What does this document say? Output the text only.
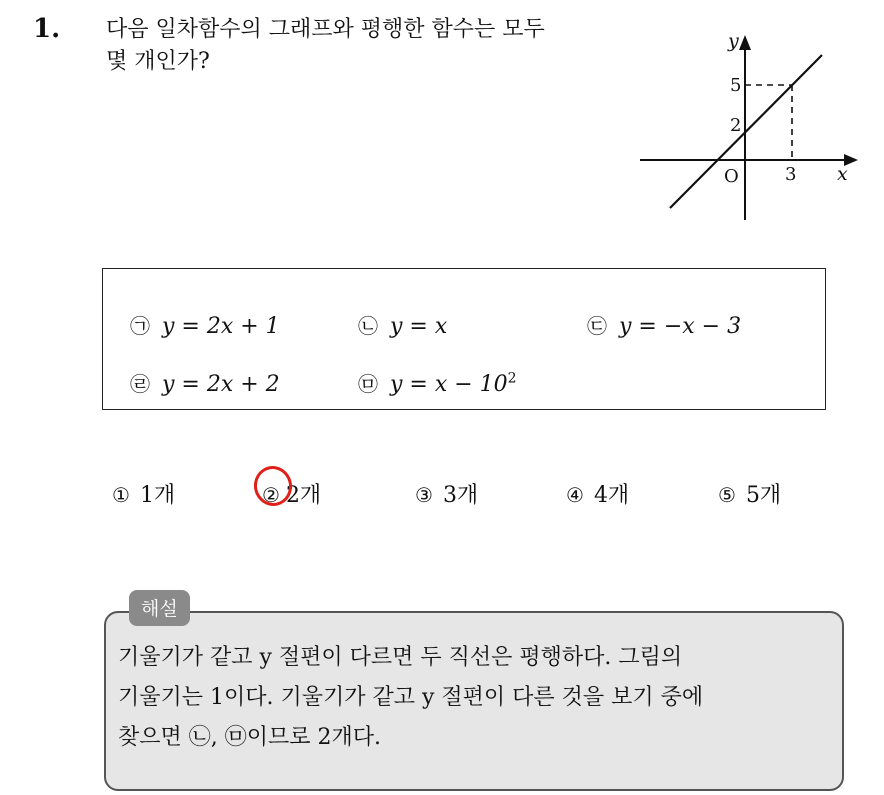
1. 다음 일차함수의 그래프와 평행한 함수는 모두
몇 개인가?
y
x
O
5
2
3
㉠ y = 2x + 1	㉡ y = x	㉢ y = −x − 3
㉣ y = 2x + 2	㉤ $y = x - 10^2$
① 1개	② 2개	③ 3개	④ 4개	⑤ 5개
해설
기울기가 같고 y 절편이 다르면 두 직선은 평행하다. 그림의
기울기는 1이다. 기울기가 같고 y 절편이 다른 것을 보기 중에
찾으면 ㉡, ㉤이므로 2개다.
